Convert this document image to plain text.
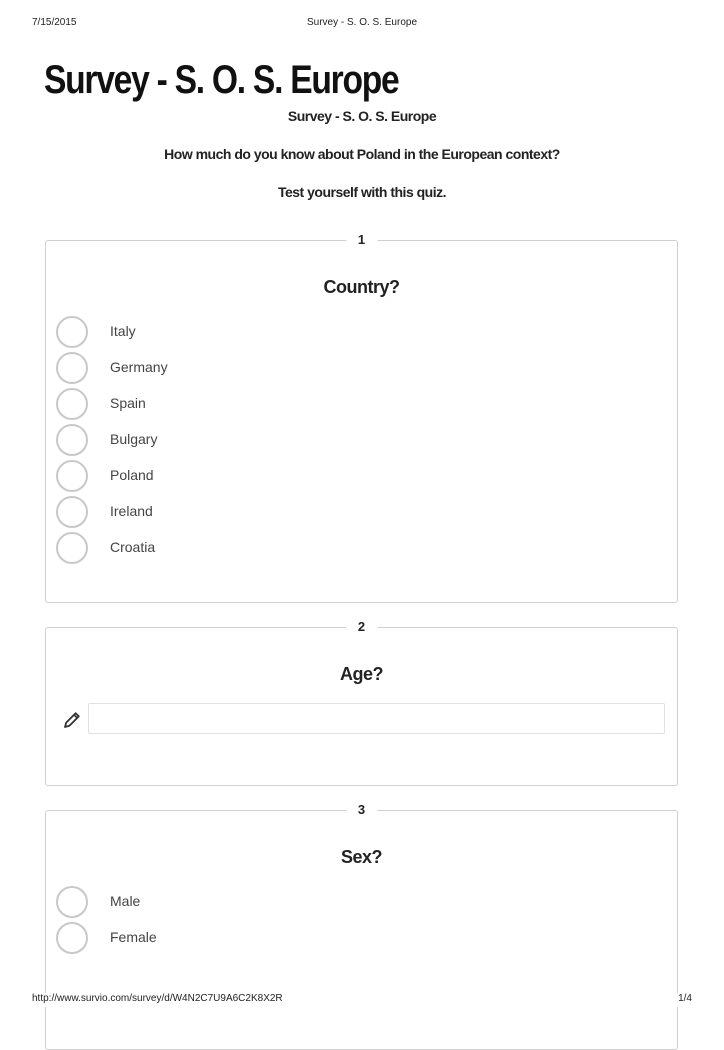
7/15/2015	Survey - S. O. S. Europe
Survey - S. O. S. Europe
Survey - S. O. S. Europe
How much do you know about Poland in the European context?
Test yourself with this quiz.
1
Country?
Italy
Germany
Spain
Bulgary
Poland
Ireland
Croatia
2
Age?
3
Sex?
Male
Female
http://www.survio.com/survey/d/W4N2C7U9A6C2K8X2R	1/4
